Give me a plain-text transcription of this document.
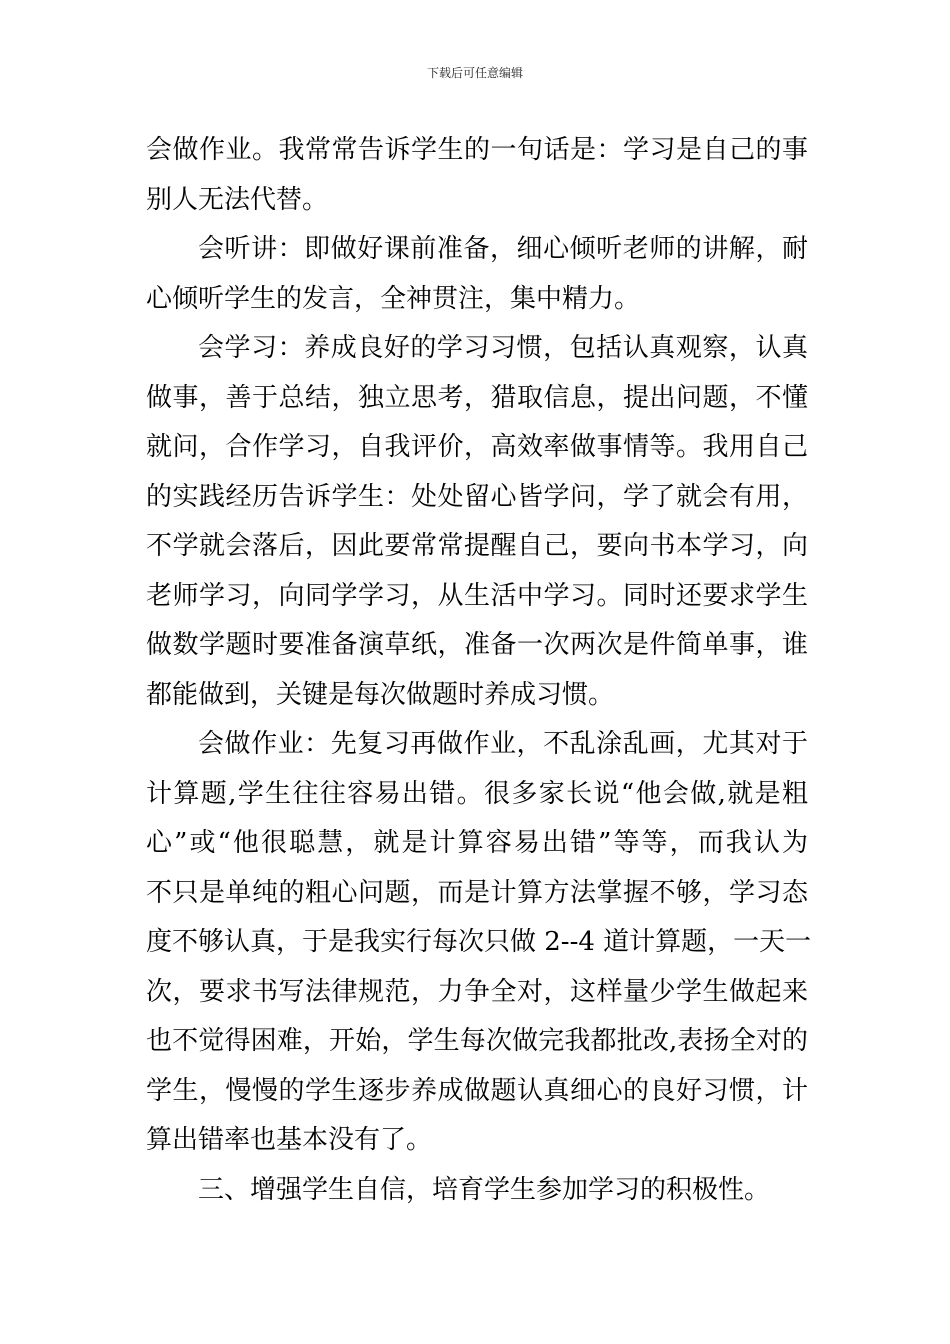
下载后可任意编辑
会做作业。我常常告诉学生的一句话是：学习是自己的事
别人无法代替。
会听讲：即做好课前准备，细心倾听老师的讲解，耐
心倾听学生的发言，全神贯注，集中精力。
会学习：养成良好的学习习惯，包括认真观察，认真
做事，善于总结，独立思考，猎取信息，提出问题，不懂
就问，合作学习，自我评价，高效率做事情等。我用自己
的实践经历告诉学生：处处留心皆学问，学了就会有用，
不学就会落后，因此要常常提醒自己，要向书本学习，向
老师学习，向同学学习，从生活中学习。同时还要求学生
做数学题时要准备演草纸，准备一次两次是件简单事，谁
都能做到，关键是每次做题时养成习惯。
会做作业：先复习再做作业，不乱涂乱画，尤其对于
计算题,学生往往容易出错。很多家长说“他会做,就是粗
心”或“他很聪慧，就是计算容易出错”等等，而我认为
不只是单纯的粗心问题，而是计算方法掌握不够，学习态
度不够认真，于是我实行每次只做 2--4 道计算题，一天一
次，要求书写法律规范，力争全对，这样量少学生做起来
也不觉得困难，开始，学生每次做完我都批改,表扬全对的
学生，慢慢的学生逐步养成做题认真细心的良好习惯，计
算出错率也基本没有了。
三、增强学生自信，培育学生参加学习的积极性。
